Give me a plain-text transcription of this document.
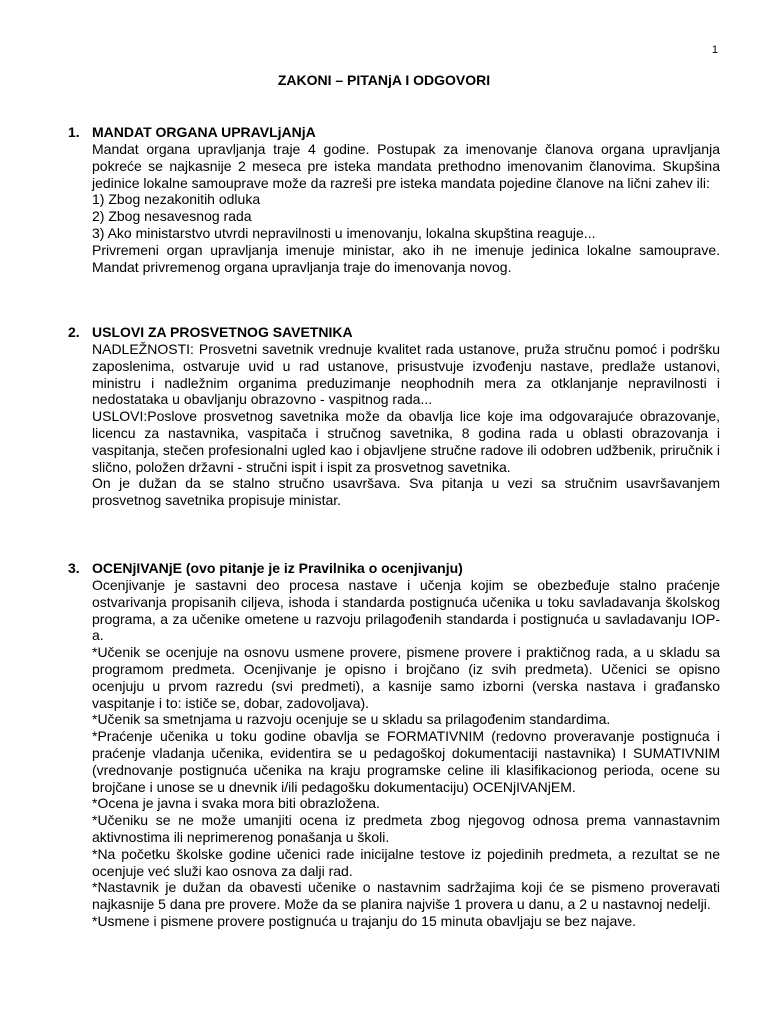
1
ZAKONI – PITANjA I ODGOVORI
1. MANDAT ORGANA UPRAVLjANjA

Mandat organa upravljanja traje 4 godine. Postupak za imenovanje članova organa upravljanja pokreće se najkasnije 2 meseca pre isteka mandata prethodno imenovanim članovima. Skupšina jedinice lokalne samouprave može da razreši pre isteka mandata pojedine članove na lični zahev ili:

1) Zbog nezakonitih odluka

2) Zbog nesavesnog rada

3) Ako ministarstvo utvrdi nepravilnosti u imenovanju, lokalna skupština reaguje...

Privremeni organ upravljanja imenuje ministar, ako ih ne imenuje jedinica lokalne samouprave. Mandat privremenog organa upravljanja traje do imenovanja novog.

2. USLOVI ZA PROSVETNOG SAVETNIKA

NADLEŽNOSTI: Prosvetni savetnik vrednuje kvalitet rada ustanove, pruža stručnu pomoć i podršku zaposlenima, ostvaruje uvid u rad ustanove, prisustvuje izvođenju nastave, predlaže ustanovi, ministru i nadležnim organima preduzimanje neophodnih mera za otklanjanje nepravilnosti i nedostataka u obavljanju obrazovno - vaspitnog rada...

USLOVI:Poslove prosvetnog savetnika može da obavlja lice koje ima odgovarajuće obrazovanje, licencu za nastavnika, vaspitača i stručnog savetnika, 8 godina rada u oblasti obrazovanja i vaspitanja, stečen profesionalni ugled kao i objavljene stručne radove ili odobren udžbenik, priručnik i slično, položen državni - stručni ispit i ispit za prosvetnog savetnika.

On je dužan da se stalno stručno usavršava. Sva pitanja u vezi sa stručnim usavršavanjem prosvetnog savetnika propisuje ministar.

3. OCENjIVANjE (ovo pitanje je iz Pravilnika o ocenjivanju)

Ocenjivanje je sastavni deo procesa nastave i učenja kojim se obezbeđuje stalno praćenje ostvarivanja propisanih ciljeva, ishoda i standarda postignuća učenika u toku savladavanja školskog programa, a za učenike ometene u razvoju prilagođenih standarda i postignuća u savladavanju IOP-a.

*Učenik se ocenjuje na osnovu usmene provere, pismene provere i praktičnog rada, a u skladu sa programom predmeta. Ocenjivanje je opisno i brojčano (iz svih predmeta). Učenici se opisno ocenjuju u prvom razredu (svi predmeti), a kasnije samo izborni (verska nastava i građansko vaspitanje i to: ističe se, dobar, zadovoljava).

*Učenik sa smetnjama u razvoju ocenjuje se u skladu sa prilagođenim standardima.

*Praćenje učenika u toku godine obavlja se FORMATIVNIM (redovno proveravanje postignuća i praćenje vladanja učenika, evidentira se u pedagoškoj dokumentaciji nastavnika) I SUMATIVNIM (vrednovanje postignuća učenika na kraju programske celine ili klasifikacionog perioda, ocene su brojčane i unose se u dnevnik i/ili pedagošku dokumentaciju) OCENjIVANjEM.

*Ocena je javna i svaka mora biti obrazložena.

*Učeniku se ne može umanjiti ocena iz predmeta zbog njegovog odnosa prema vannastavnim aktivnostima ili neprimerenog ponašanja u školi.

*Na početku školske godine učenici rade inicijalne testove iz pojedinih predmeta, a rezultat se ne ocenjuje već služi kao osnova za dalji rad.

*Nastavnik je dužan da obavesti učenike o nastavnim sadržajima koji će se pismeno proveravati najkasnije 5 dana pre provere. Može da se planira najviše 1 provera u danu, a 2 u nastavnoj nedelji.

*Usmene i pismene provere postignuća u trajanju do 15 minuta obavljaju se bez najave.
